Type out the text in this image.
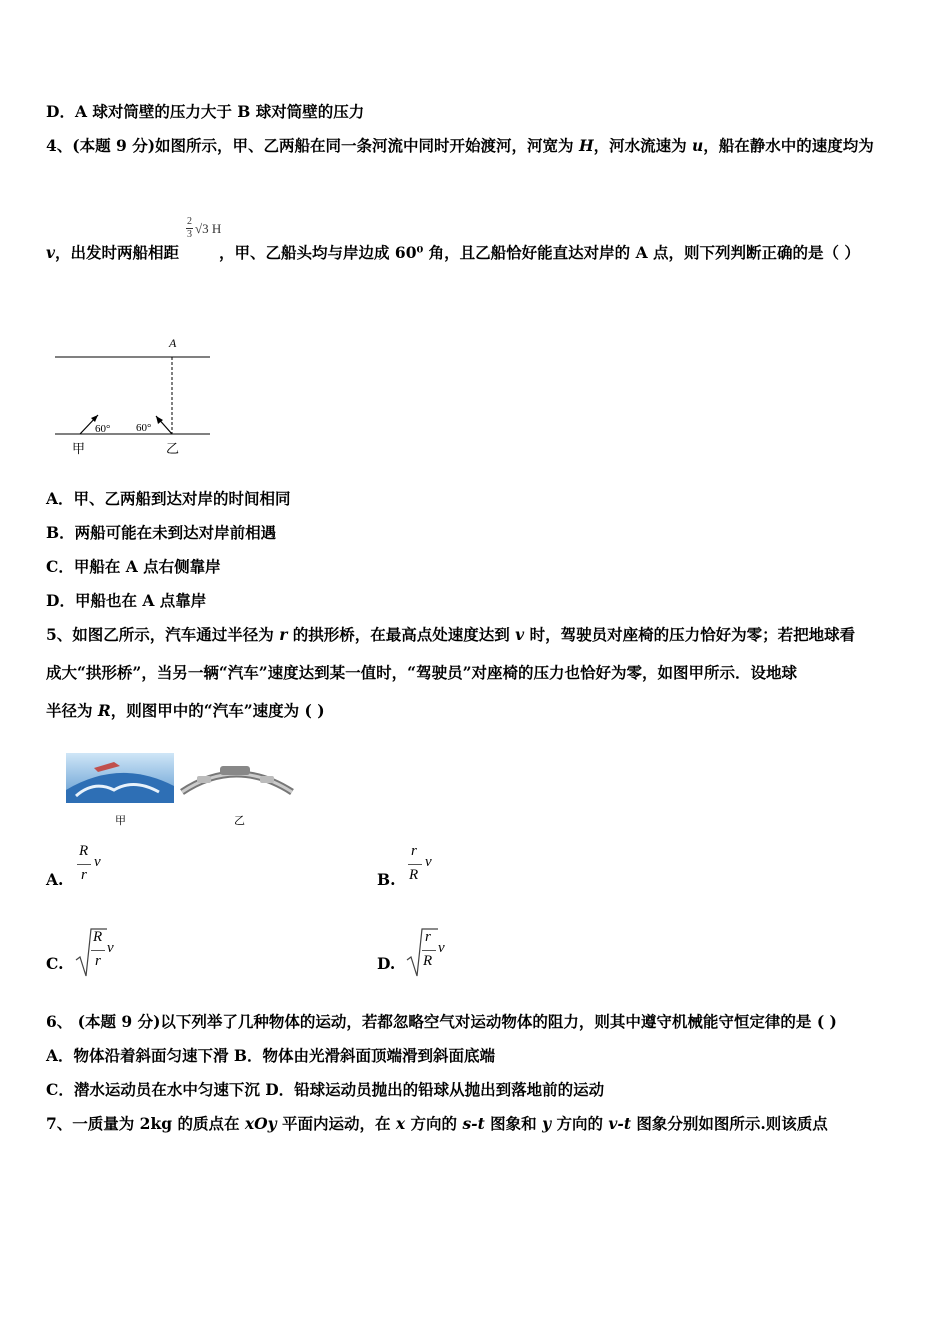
D．A 球对筒壁的压力大于 B 球对筒壁的压力
4、(本题 9 分)如图所示，甲、乙两船在同一条河流中同时开始渡河，河宽为 H，河水流速为 u，船在静水中的速度均为
v，出发时两船相距	，甲、乙船头均与岸边成 60⁰ 角，且乙船恰好能直达对岸的 A 点，则下列判断正确的是（ ）
2
3 √3 H
A
60° 60°
甲	乙
A．甲、乙两船到达对岸的时间相同
B．两船可能在未到达对岸前相遇
C．甲船在 A 点右侧靠岸
D．甲船也在 A 点靠岸
5、如图乙所示，汽车通过半径为 r 的拱形桥，在最高点处速度达到 v 时，驾驶员对座椅的压力恰好为零；若把地球看
成大“拱形桥”，当另一辆“汽车”速度达到某一值时，“驾驶员”对座椅的压力也恰好为零，如图甲所示．设地球
半径为 R，则图甲中的“汽车”速度为 ( )
甲	乙
A.
R
r
v
B.
r
R
v
C.
R
r
v
D.
r
R
v
6、 (本题 9 分)以下列举了几种物体的运动，若都忽略空气对运动物体的阻力，则其中遵守机械能守恒定律的是 ( )
A．物体沿着斜面匀速下滑 B．物体由光滑斜面顶端滑到斜面底端
C．潜水运动员在水中匀速下沉 D．铅球运动员抛出的铅球从抛出到落地前的运动
7、一质量为 2kg 的质点在 xOy 平面内运动，在 x 方向的 s-t 图象和 y 方向的 v-t 图象分别如图所示.则该质点
